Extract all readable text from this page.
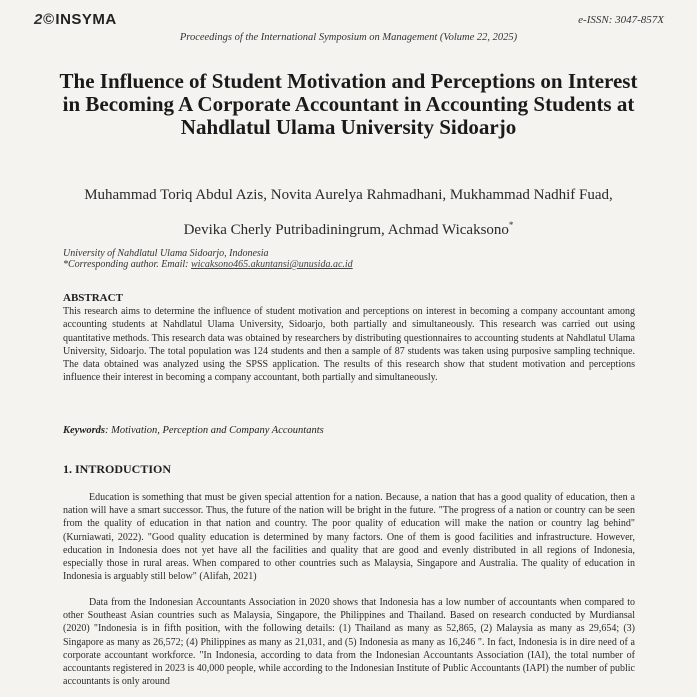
2©INSYMA	e-ISSN: 3047-857X
Proceedings of the International Symposium on Management (Volume 22, 2025)
The Influence of Student Motivation and Perceptions on Interest in Becoming A Corporate Accountant in Accounting Students at Nahdlatul Ulama University Sidoarjo
Muhammad Toriq Abdul Azis, Novita Aurelya Rahmadhani, Mukhammad Nadhif Fuad,
Devika Cherly Putribadiningrum, Achmad Wicaksono*
University of Nahdlatul Ulama Sidoarjo, Indonesia
*Corresponding author. Email: wicaksono465.akuntansi@unusida.ac.id
ABSTRACT

This research aims to determine the influence of student motivation and perceptions on interest in becoming a company accountant among accounting students at Nahdlatul Ulama University, Sidoarjo, both partially and simultaneously. This research was carried out using quantitative methods. This research data was obtained by researchers by distributing questionnaires to accounting students at Nahdlatul Ulama University, Sidoarjo. The total population was 124 students and then a sample of 87 students was taken using purposive sampling technique. The data obtained was analyzed using the SPSS application. The results of this research show that student motivation and perceptions influence their interest in becoming a company accountant, both partially and simultaneously.

Keywords: Motivation, Perception and Company Accountants
1. INTRODUCTION

Education is something that must be given special attention for a nation. Because, a nation that has a good quality of education, then a nation will have a smart successor. Thus, the future of the nation will be bright in the future. "The progress of a nation or country can be seen from the quality of education in that nation and country. The poor quality of education will make the nation or country lag behind" (Kurniawati, 2022). "Good quality education is determined by many factors. One of them is good facilities and infrastructure. However, education in Indonesia does not yet have all the facilities and quality that are good and evenly distributed in all regions of Indonesia, especially those in rural areas. When compared to other countries such as Malaysia, Singapore and Australia. The quality of education in Indonesia is arguably still below" (Alifah, 2021)

Data from the Indonesian Accountants Association in 2020 shows that Indonesia has a low number of accountants when compared to other Southeast Asian countries such as Malaysia, Singapore, the Philippines and Thailand. Based on research conducted by Murdiansal (2020) "Indonesia is in fifth position, with the following details: (1) Thailand as many as 52,865, (2) Malaysia as many as 29,654; (3) Singapore as many as 26,572; (4) Philippines as many as 21,031, and (5) Indonesia as many as 16,246 ". In fact, Indonesia is in dire need of a corporate accountant workforce. "In Indonesia, according to data from the Indonesian Accountants Association (IAI), the total number of accountants registered in 2023 is 40,000 people, while according to the Indonesian Institute of Public Accountants (IAPI) the number of public accountants is only around
